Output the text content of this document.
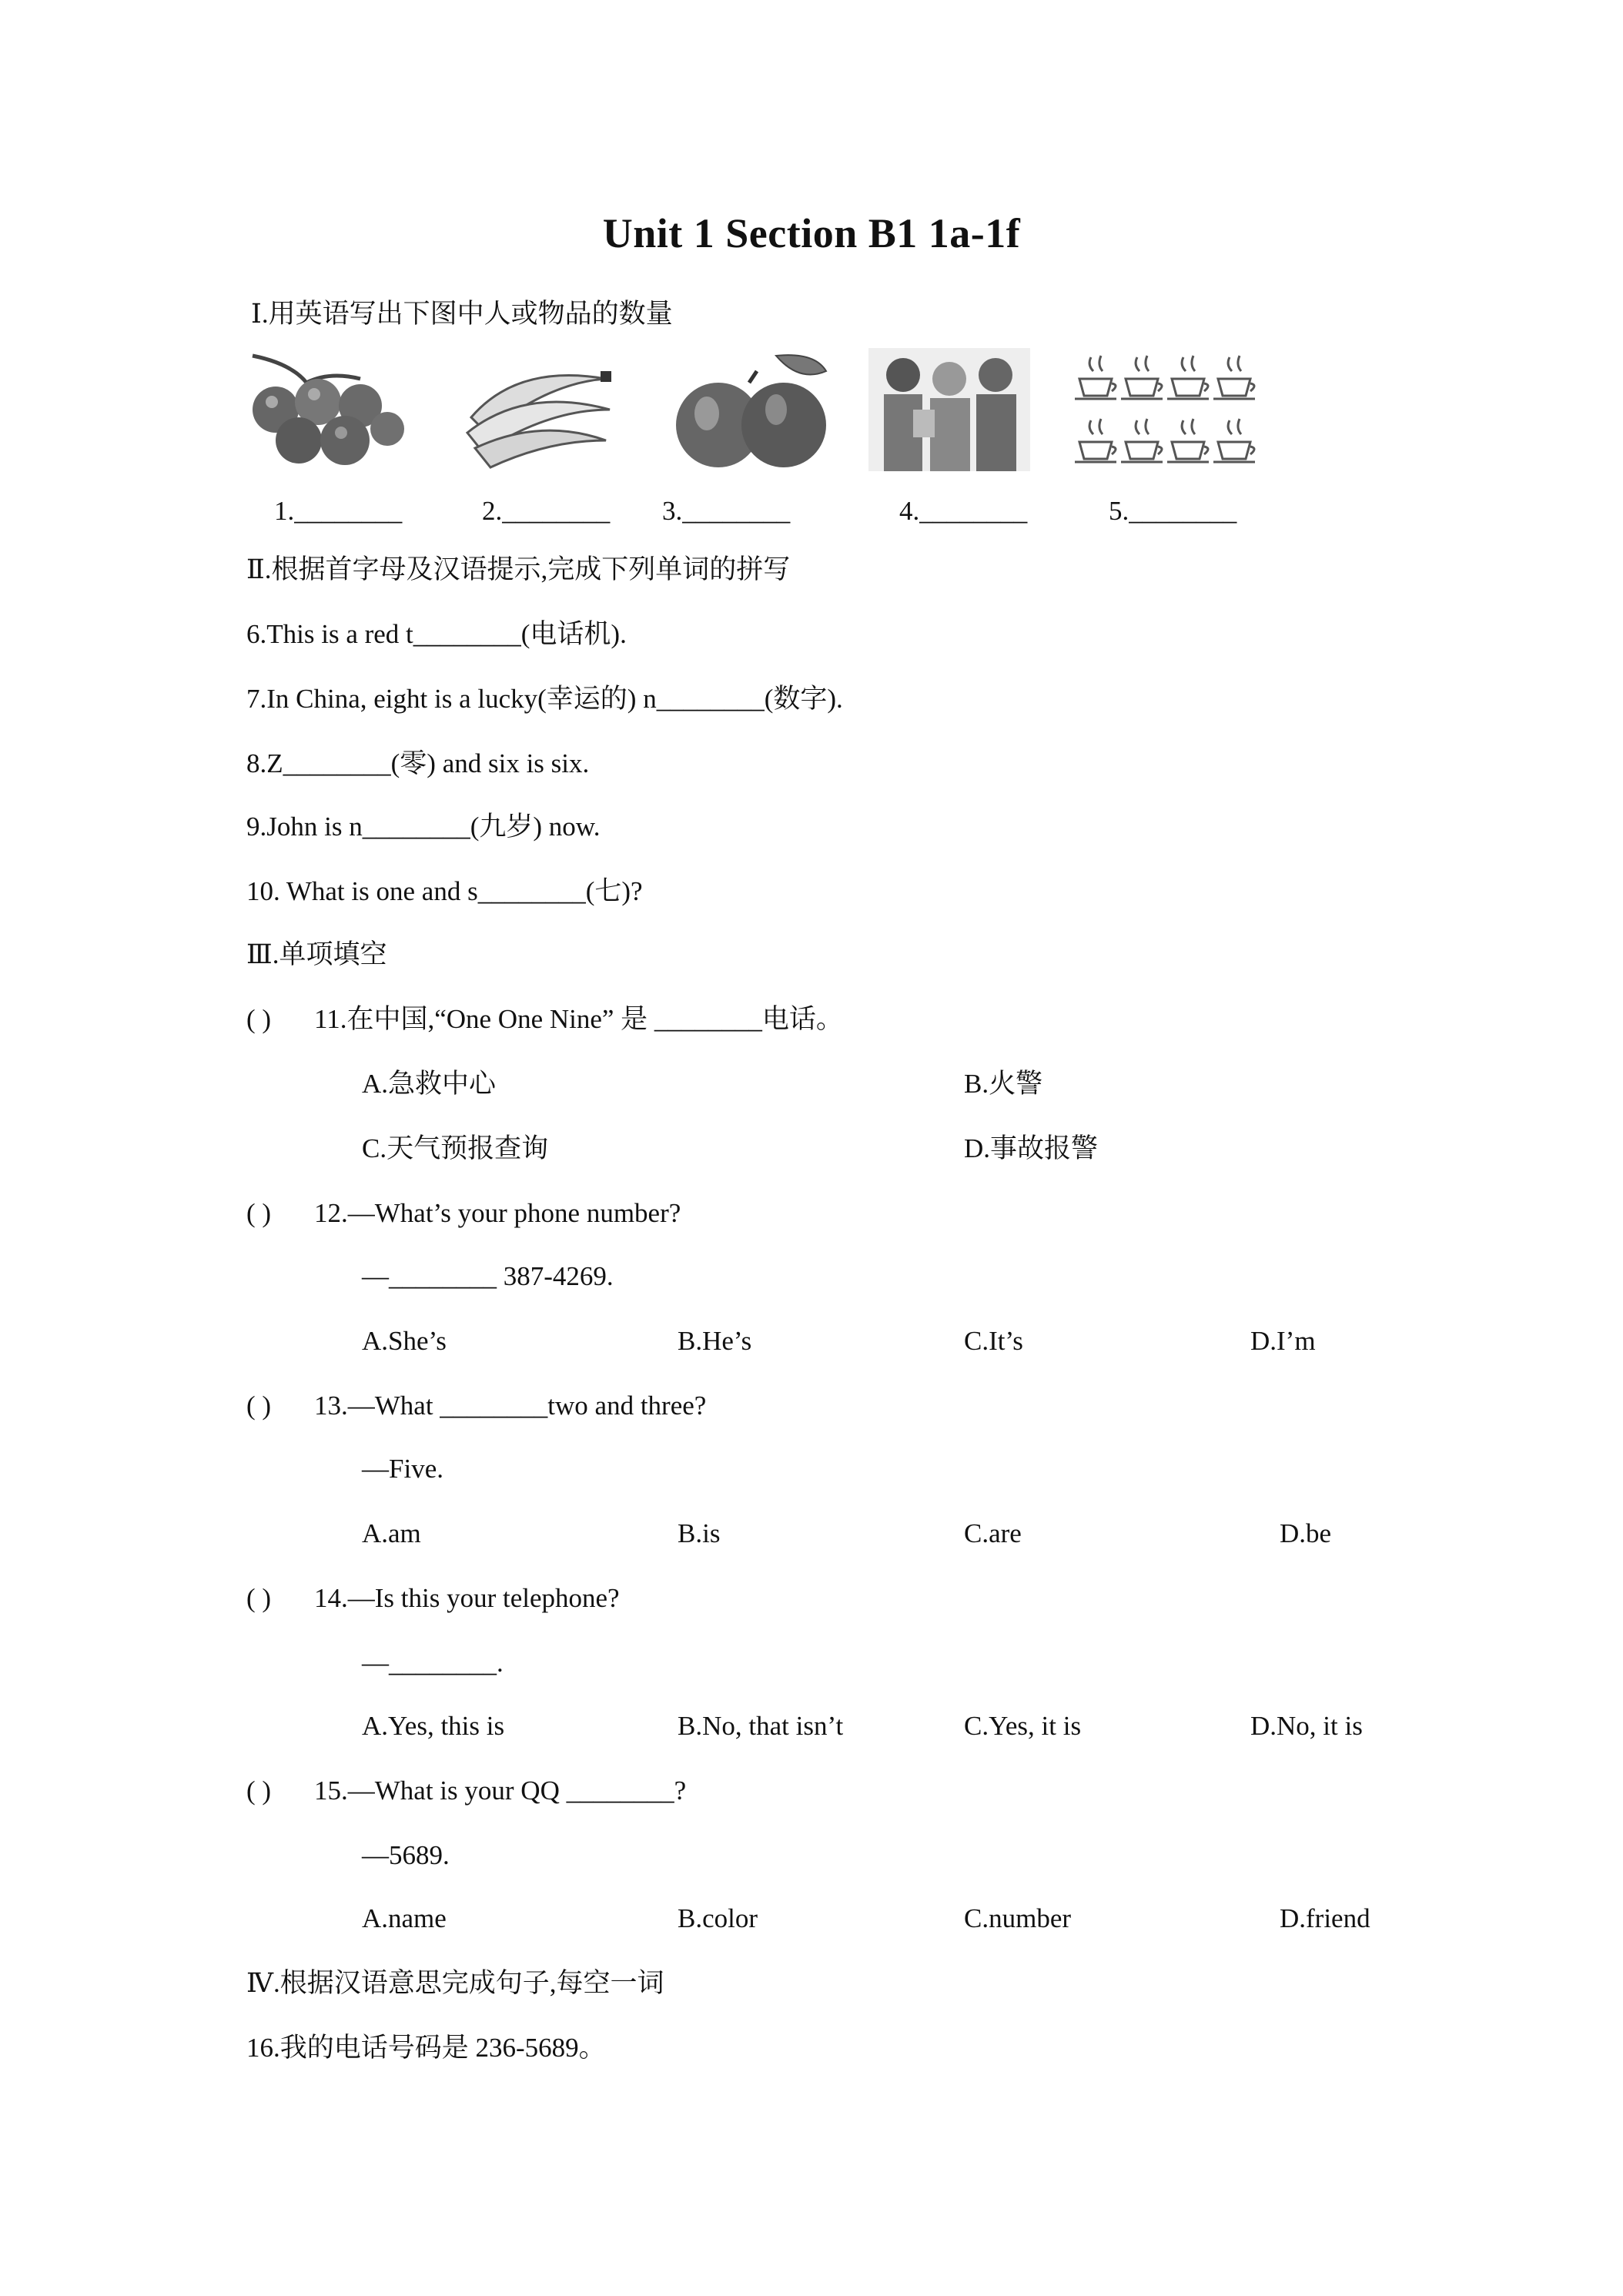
Unit 1 Section B1 1a-1f
Ⅰ.用英语写出下图中人或物品的数量
1.________	2.________ 3.________	4.________	5.________
Ⅱ.根据首字母及汉语提示,完成下列单词的拼写
6.This is a red t________(电话机).
7.In China, eight is a lucky(幸运的) n________(数字).
8.Z________(零) and six is six.
9.John is n________(九岁) now.
10. What is one and s________(七)?
Ⅲ.单项填空
( ) 11.在中国,“One One Nine” 是 ________电话。
A.急救中心	B.火警
C.天气预报查询	D.事故报警
( ) 12.—What’s your phone number?
—________ 387-4269.
A.She’s	B.He’s	C.It’s	D.I’m
( ) 13.—What ________two and three?
—Five.
A.am	B.is	C.are	D.be
( ) 14.—Is this your telephone?
—________.
A.Yes, this is	B.No, that isn’t	C.Yes, it is	D.No, it is
( ) 15.—What is your QQ ________?
—5689.
A.name	B.color	C.number	D.friend
Ⅳ.根据汉语意思完成句子,每空一词
16.我的电话号码是 236-5689。
